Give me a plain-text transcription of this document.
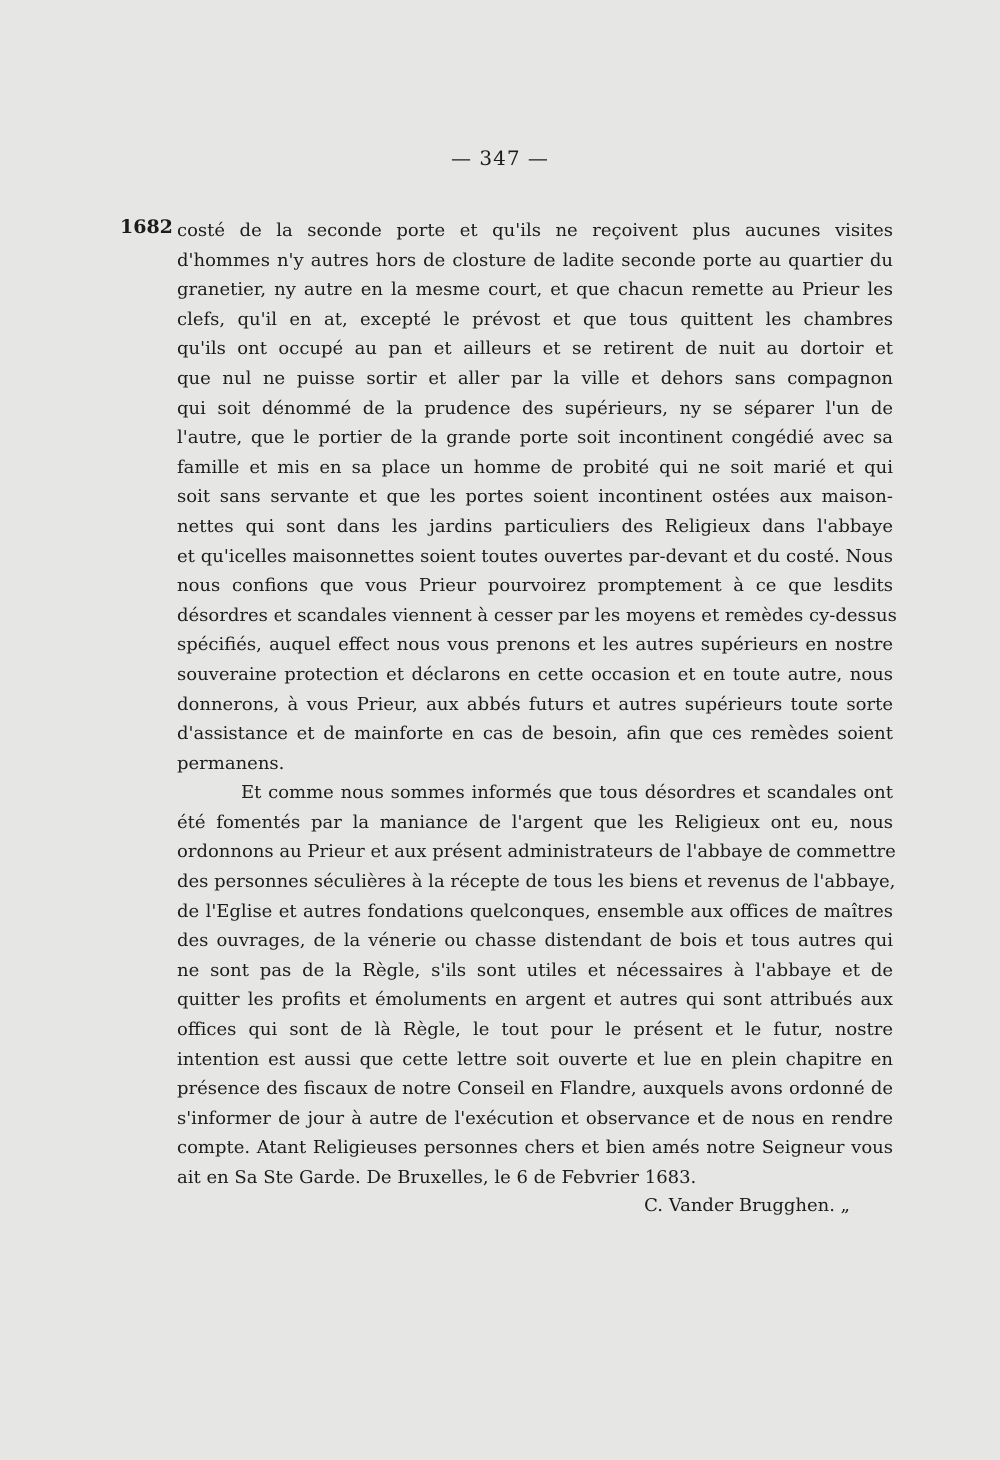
— 347 —
1682 costé de la seconde porte et qu'ils ne reçoivent plus aucunes visites
d'hommes n'y autres hors de closture de ladite seconde porte au quartier du
granetier, ny autre en la mesme court, et que chacun remette au Prieur les
clefs, qu'il en at, excepté le prévost et que tous quittent les chambres
qu'ils ont occupé au pan et ailleurs et se retirent de nuit au dortoir et
que nul ne puisse sortir et aller par la ville et dehors sans compagnon
qui soit dénommé de la prudence des supérieurs, ny se séparer l'un de
l'autre, que le portier de la grande porte soit incontinent congédié avec sa
famille et mis en sa place un homme de probité qui ne soit marié et qui
soit sans servante et que les portes soient incontinent ostées aux maison-
nettes qui sont dans les jardins particuliers des Religieux dans l'abbaye
et qu'icelles maisonnettes soient toutes ouvertes par-devant et du costé. Nous
nous confions que vous Prieur pourvoirez promptement à ce que lesdits
désordres et scandales viennent à cesser par les moyens et remèdes cy-dessus
spécifiés, auquel effect nous vous prenons et les autres supérieurs en nostre
souveraine protection et déclarons en cette occasion et en toute autre, nous
donnerons, à vous Prieur, aux abbés futurs et autres supérieurs toute sorte
d'assistance et de mainforte en cas de besoin, afin que ces remèdes soient
permanens.
Et comme nous sommes informés que tous désordres et scandales ont
été fomentés par la maniance de l'argent que les Religieux ont eu, nous
ordonnons au Prieur et aux présent administrateurs de l'abbaye de commettre
des personnes séculières à la récepte de tous les biens et revenus de l'abbaye,
de l'Eglise et autres fondations quelconques, ensemble aux offices de maîtres
des ouvrages, de la vénerie ou chasse distendant de bois et tous autres qui
ne sont pas de la Règle, s'ils sont utiles et nécessaires à l'abbaye et de
quitter les profits et émoluments en argent et autres qui sont attribués aux
offices qui sont de là Règle, le tout pour le présent et le futur, nostre
intention est aussi que cette lettre soit ouverte et lue en plein chapitre en
présence des fiscaux de notre Conseil en Flandre, auxquels avons ordonné de
s'informer de jour à autre de l'exécution et observance et de nous en rendre
compte. Atant Religieuses personnes chers et bien amés notre Seigneur vous
ait en Sa Ste Garde. De Bruxelles, le 6 de Febvrier 1683.
C. Vander Brugghen. „
